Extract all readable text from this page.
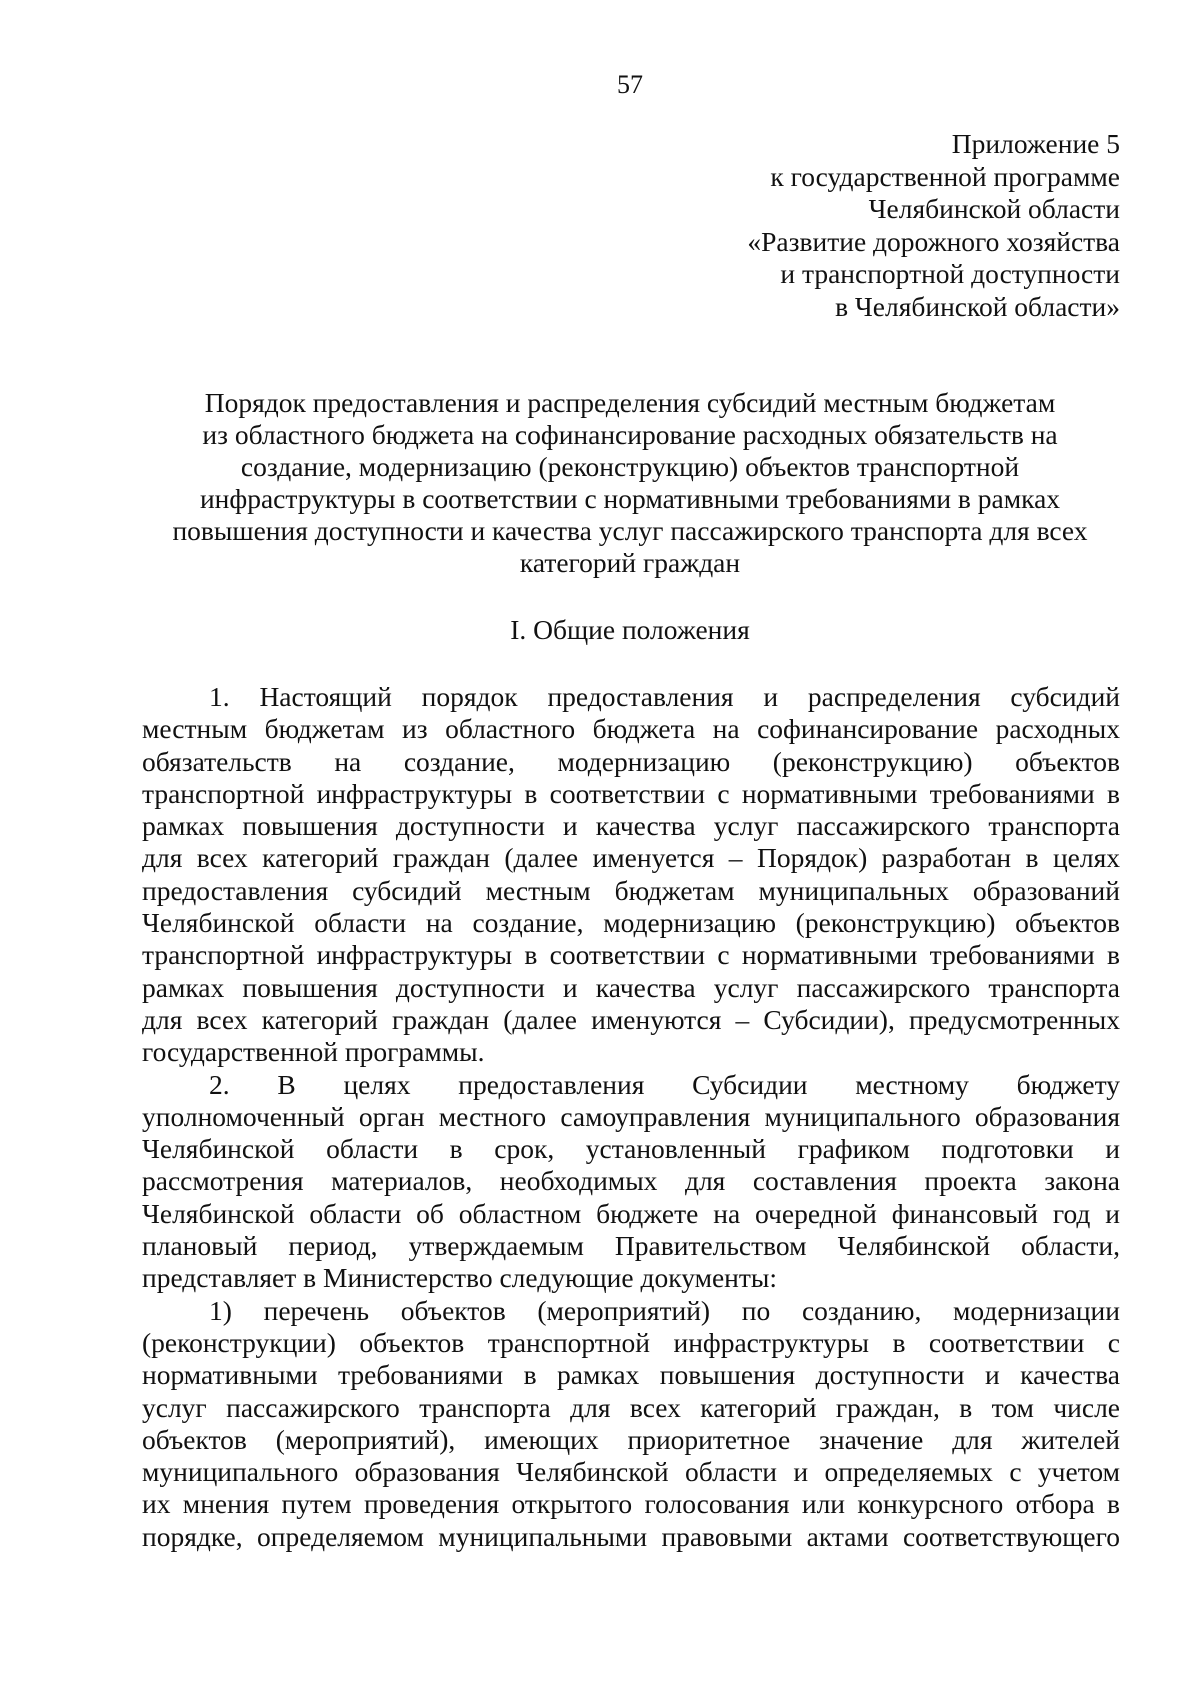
57
Приложение 5
к государственной программе
Челябинской области
«Развитие дорожного хозяйства
и транспортной доступности
в Челябинской области»
Порядок предоставления и распределения субсидий местным бюджетам
из областного бюджета на софинансирование расходных обязательств на
создание, модернизацию (реконструкцию) объектов транспортной
инфраструктуры в соответствии с нормативными требованиями в рамках
повышения доступности и качества услуг пассажирского транспорта для всех
категорий граждан
I. Общие положения
1. Настоящий порядок предоставления и распределения субсидий
местным бюджетам из областного бюджета на софинансирование расходных
обязательств на создание, модернизацию (реконструкцию) объектов
транспортной инфраструктуры в соответствии с нормативными требованиями в
рамках повышения доступности и качества услуг пассажирского транспорта
для всех категорий граждан (далее именуется – Порядок) разработан в целях
предоставления субсидий местным бюджетам муниципальных образований
Челябинской области на создание, модернизацию (реконструкцию) объектов
транспортной инфраструктуры в соответствии с нормативными требованиями в
рамках повышения доступности и качества услуг пассажирского транспорта
для всех категорий граждан (далее именуются – Субсидии), предусмотренных
государственной программы.
2. В целях предоставления Субсидии местному бюджету
уполномоченный орган местного самоуправления муниципального образования
Челябинской области в срок, установленный графиком подготовки и
рассмотрения материалов, необходимых для составления проекта закона
Челябинской области об областном бюджете на очередной финансовый год и
плановый период, утверждаемым Правительством Челябинской области,
представляет в Министерство следующие документы:
1) перечень объектов (мероприятий) по созданию, модернизации
(реконструкции) объектов транспортной инфраструктуры в соответствии с
нормативными требованиями в рамках повышения доступности и качества
услуг пассажирского транспорта для всех категорий граждан, в том числе
объектов (мероприятий), имеющих приоритетное значение для жителей
муниципального образования Челябинской области и определяемых с учетом
их мнения путем проведения открытого голосования или конкурсного отбора в
порядке, определяемом муниципальными правовыми актами соответствующего
